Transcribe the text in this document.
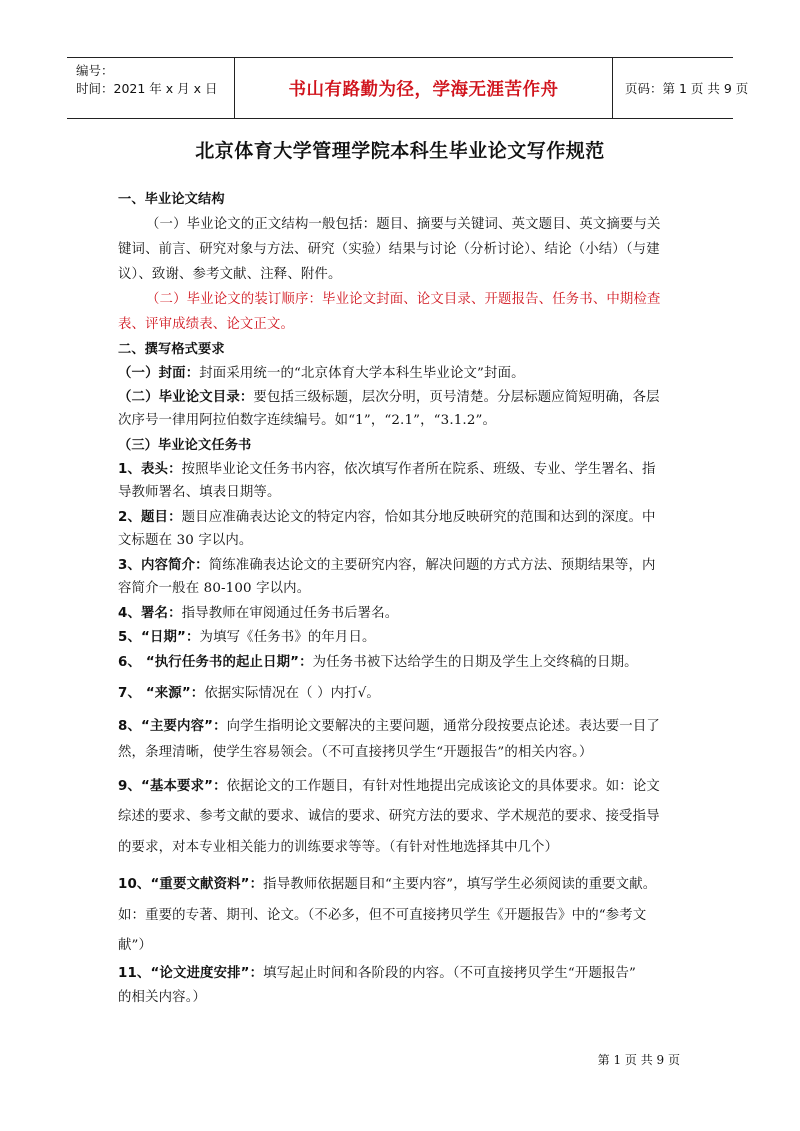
编号：
时间：2021 年 x 月 x 日	书山有路勤为径，学海无涯苦作舟	页码：第 1 页 共 9 页
北京体育大学管理学院本科生毕业论文写作规范
一、毕业论文结构
（一）毕业论文的正文结构一般包括：题目、摘要与关键词、英文题目、英文摘要与关
键词、前言、研究对象与方法、研究（实验）结果与讨论（分析讨论）、结论（小结）（与建
议）、致谢、参考文献、注释、附件。
（二）毕业论文的装订顺序：毕业论文封面、论文目录、开题报告、任务书、中期检查
表、评审成绩表、论文正文。
二、撰写格式要求
（一）封面：封面采用统一的“北京体育大学本科生毕业论文”封面。
（二）毕业论文目录：要包括三级标题，层次分明，页号清楚。分层标题应简短明确，各层
次序号一律用阿拉伯数字连续编号。如“1”，“2.1”，“3.1.2”。
（三）毕业论文任务书
1、表头：按照毕业论文任务书内容，依次填写作者所在院系、班级、专业、学生署名、指
导教师署名、填表日期等。
2、题目：题目应准确表达论文的特定内容，恰如其分地反映研究的范围和达到的深度。中
文标题在 30 字以内。
3、内容简介：简练准确表达论文的主要研究内容，解决问题的方式方法、预期结果等，内
容简介一般在 80-100 字以内。
4、署名：指导教师在审阅通过任务书后署名。
5、“日期”：为填写《任务书》的年月日。
6、 “执行任务书的起止日期”：为任务书被下达给学生的日期及学生上交终稿的日期。
7、 “来源”：依据实际情况在（ ）内打√。
8、“主要内容”：向学生指明论文要解决的主要问题，通常分段按要点论述。表达要一目了
然，条理清晰，使学生容易领会。（不可直接拷贝学生“开题报告”的相关内容。）
9、“基本要求”：依据论文的工作题目，有针对性地提出完成该论文的具体要求。如：论文
综述的要求、参考文献的要求、诚信的要求、研究方法的要求、学术规范的要求、接受指导
的要求，对本专业相关能力的训练要求等等。（有针对性地选择其中几个）
10、“重要文献资料”：指导教师依据题目和“主要内容”，填写学生必须阅读的重要文献。
如：重要的专著、期刊、论文。（不必多，但不可直接拷贝学生《开题报告》中的“参考文
献”）
11、“论文进度安排”：填写起止时间和各阶段的内容。（不可直接拷贝学生“开题报告”
的相关内容。）
第 1 页 共 9 页
